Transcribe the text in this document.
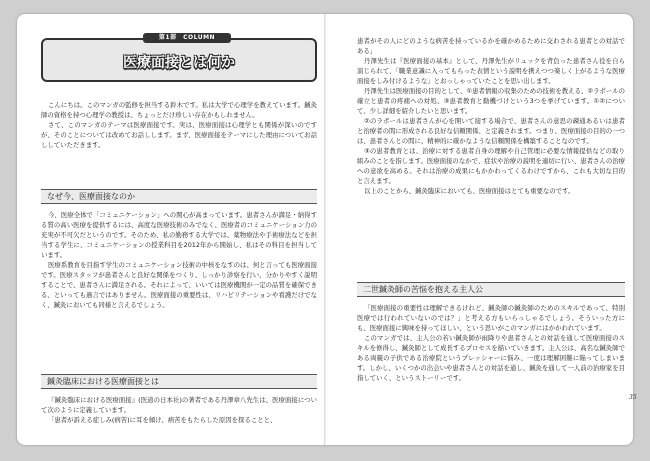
第1部　COLUMN
医療面接とは何か

こんにちは。このマンガの監修を担当する鈴木です。私は大学で心理学を教えています。鍼灸師の資格を持つ心理学の教授は、ちょっとだけ珍しい存在かもしれません。

さて、このマンガのテーマは医療面接です。実は、医療面接は心理学とも関係が深いのですが、そのことについては改めてお話しします。まず、医療面接をテーマにした理由についてお話ししていただきます。

なぜ今、医療面接なのか

今、医療全体で「コミュニケーション」への関心が高まっています。患者さんが満足・納得する質の高い医療を提供するには、高度な医療技術のみでなく、医療者のコミュニケーション力の充実が不可欠だというのです。そのため、私の勤務する大学では、薬物療法や手術療法などを担当する学生に、コミュニケーションの授業科目を2012年から開始し、私はその科目を担当しています。

医療系教育を目指す学生のコミュニケーション技術の中核をなすのは、何と言っても医療面接です。医療スタッフが患者さんと良好な関係をつくり、しっかり診察を行い、分かりやすく説明することで、患者さんに満足される。それによって、いいては医療機関が一定の品質を確保できる、といっても過言ではありません。医療面接の重要性は、リハビリテーションや看護だけでなく、鍼灸においても同様と言えるでしょう。

鍼灸臨床における医療面接とは

『鍼灸臨床における医療面接』(医道の日本社)の著者である丹澤章八先生は、医療面接について次のように定義しています。

「患者が訴える症しみ(病苦)に耳を傾け、病苦をもたらした原因を探ることと、

患者がその人にどのような病苦を持っているかを確かめるために交わされる患者との対話である」

丹澤先生は『医療面接の基本』として、丹澤先生がリュックを背負った患者さん役を自ら演じられて、「職業意識に入ってもらった表情という説明を携えつつ楽しく上がるような医療面接をしみ付けるような」とおっしゃっていたことを思い出します。

丹澤先生は医療面接の目的として、①患者情報の収集のための技術を教える、②ラポールの確立と患者の疼痛への対処、③患者教育と動機づけという3つを挙げています。①②について、少し詳細を紹介したいと思います。

②のラポールは患者さんが心を開いて接する場合で、患者さんの意思の疎通あるいは患者と治療者の間に形成される良好な信頼関係、と定義されます。つまり、医療面接の目的の一つは、患者さんとの間に、精神的に確かなような信頼関係を構築することなのです。

③の患者教育とは、治療に対する患者自身の理解や自己管理に必要な情報提供などの取り組みのことを指します。医療面接のなかで、症状や治療の説明を適切に行い、患者さんの治療への意欲を高める。それは治療の成果にもかかわってくるわけですから、これも大切な目的と言えます。

以上のことから、鍼灸臨床においても、医療面接はとても重要なのです。

二世鍼灸師の苦悩を抱える主人公

「医療面接の重要性は理解できるけれど、鍼灸師の鍼灸師のためのスキルであって、特別医療では行われていないのでは？」と考える方もいらっしゃるでしょう。そういった方にも、医療面接に興味を持ってほしい、という思いがこのマンガにはかかわれています。

このマンガでは、主人公の若い鍼灸師が雨降りや患者さんとの対話を通して医療面接のスキルを修得し、鍼灸師として成長するプロセスを描いていきます。主人公は、高名な鍼灸師である両親の子供である治療院というプレッシャーに悩み、一度は理解困難に陥ってしまいます。しかし、いくつかの出会いや患者さんとの対話を通し、鍼灸を通して一人前の治療家を目指していく、というストーリーです。

35
